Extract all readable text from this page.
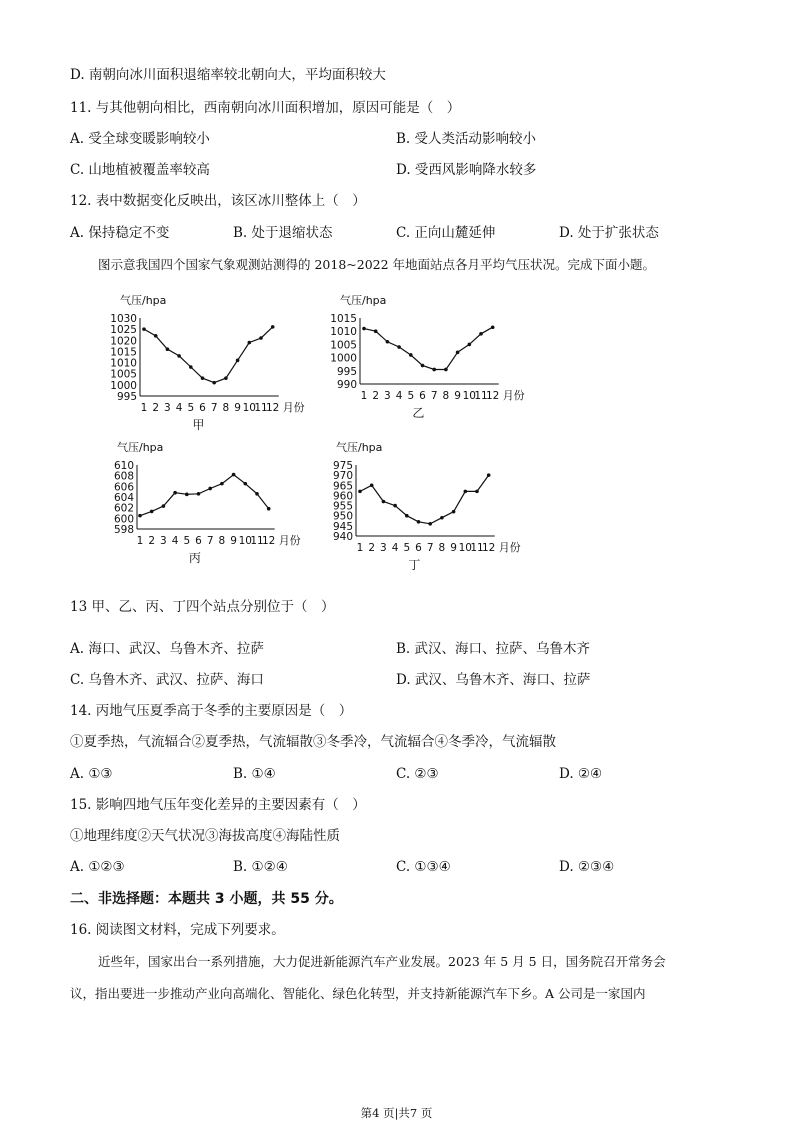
D. 南朝向冰川面积退缩率较北朝向大，平均面积较大
11. 与其他朝向相比，西南朝向冰川面积增加，原因可能是（　）
A. 受全球变暖影响较小	B. 受人类活动影响较小
C. 山地植被覆盖率较高	D. 受西风影响降水较多
12. 表中数据变化反映出，该区冰川整体上（　）
A. 保持稳定不变	B. 处于退缩状态	C. 正向山麓延伸	D. 处于扩张状态
图示意我国四个国家气象观测站测得的 2018~2022 年地面站点各月平均气压状况。完成下面小题。
气压/hpa
995
1000
1005
1010
1015
1020
1025
1030
1 2 3 4 5 6 7 8 9 10
11
12 月份
甲
气压/hpa
990
995
1000
1005
1010
1015
1 2 3 4 5 6 7 8 9 10
11
12 月份
乙
气压/hpa
598
600
602
604
606
608
610
1 2 3 4 5 6 7 8 9 10
11
12 月份
丙
气压/hpa
940
945
950
955
960
965
970
975
1 2 3 4 5 6 7 8 9 10
11
12 月份
丁
13 甲、乙、丙、丁四个站点分别位于（　）
A. 海口、武汉、乌鲁木齐、拉萨	B. 武汉、海口、拉萨、乌鲁木齐
C. 乌鲁木齐、武汉、拉萨、海口	D. 武汉、乌鲁木齐、海口、拉萨
14. 丙地气压夏季高于冬季的主要原因是（　）
①夏季热，气流辐合②夏季热，气流辐散③冬季冷，气流辐合④冬季冷，气流辐散
A. ①③	B. ①④	C. ②③	D. ②④
15. 影响四地气压年变化差异的主要因素有（　）
①地理纬度②天气状况③海拔高度④海陆性质
A. ①②③	B. ①②④	C. ①③④	D. ②③④
二、非选择题：本题共 3 小题，共 55 分。
16. 阅读图文材料，完成下列要求。
近些年，国家出台一系列措施，大力促进新能源汽车产业发展。2023 年 5 月 5 日，国务院召开常务会
议，指出要进一步推动产业向高端化、智能化、绿色化转型，并支持新能源汽车下乡。A 公司是一家国内
第4 页|共7 页
